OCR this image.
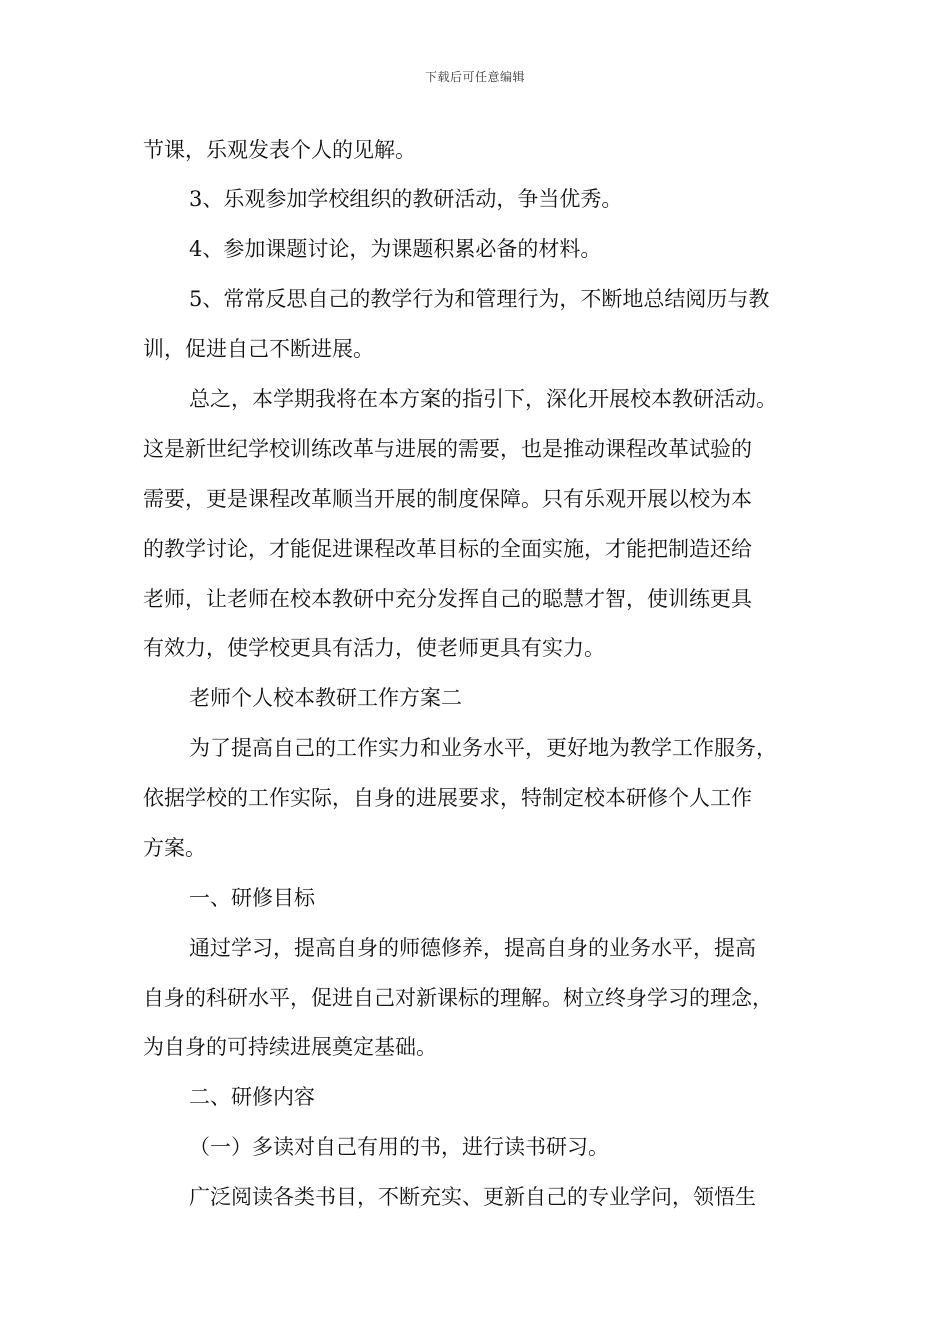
下载后可任意编辑
节课，乐观发表个人的见解。
3、乐观参加学校组织的教研活动，争当优秀。
4、参加课题讨论，为课题积累必备的材料。
5、常常反思自己的教学行为和管理行为，不断地总结阅历与教
训，促进自己不断进展。
总之，本学期我将在本方案的指引下，深化开展校本教研活动。
这是新世纪学校训练改革与进展的需要，也是推动课程改革试验的
需要，更是课程改革顺当开展的制度保障。只有乐观开展以校为本
的教学讨论，才能促进课程改革目标的全面实施，才能把制造还给
老师，让老师在校本教研中充分发挥自己的聪慧才智，使训练更具
有效力，使学校更具有活力，使老师更具有实力。
老师个人校本教研工作方案二
为了提高自己的工作实力和业务水平，更好地为教学工作服务，
依据学校的工作实际，自身的进展要求，特制定校本研修个人工作
方案。
一、研修目标
通过学习，提高自身的师德修养，提高自身的业务水平，提高
自身的科研水平，促进自己对新课标的理解。树立终身学习的理念，
为自身的可持续进展奠定基础。
二、研修内容
（一）多读对自己有用的书，进行读书研习。
广泛阅读各类书目，不断充实、更新自己的专业学问，领悟生
